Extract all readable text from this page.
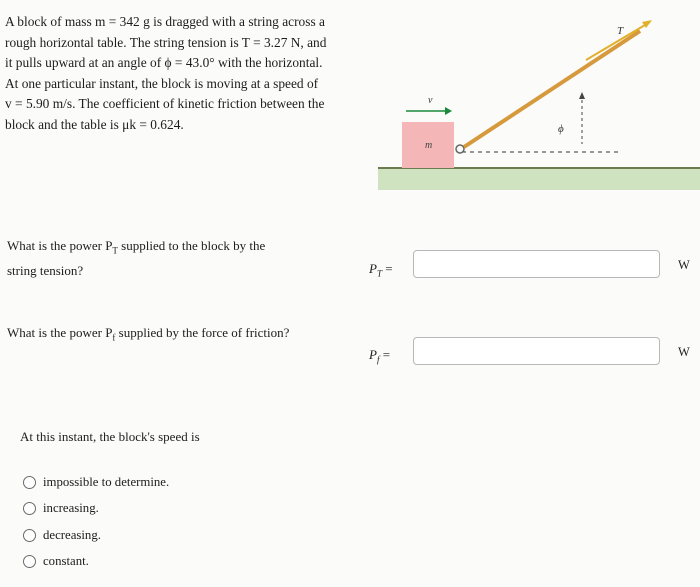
A block of mass m = 342 g is dragged with a string across a
rough horizontal table. The string tension is T = 3.27 N, and
it pulls upward at an angle of ϕ = 43.0° with the horizontal.
At one particular instant, the block is moving at a speed of
v = 5.90 m/s. The coefficient of kinetic friction between the
block and the table is μk = 0.624.
m
T⃗
v⃗
ϕ
What is the power $P_T$ supplied to the block by the string tension?	$P_T$ =	W
What is the power $P_f$ supplied by the force of friction?
$P_f$ =	W
At this instant, the block's speed is
impossible to determine.
increasing.
decreasing.
constant.
